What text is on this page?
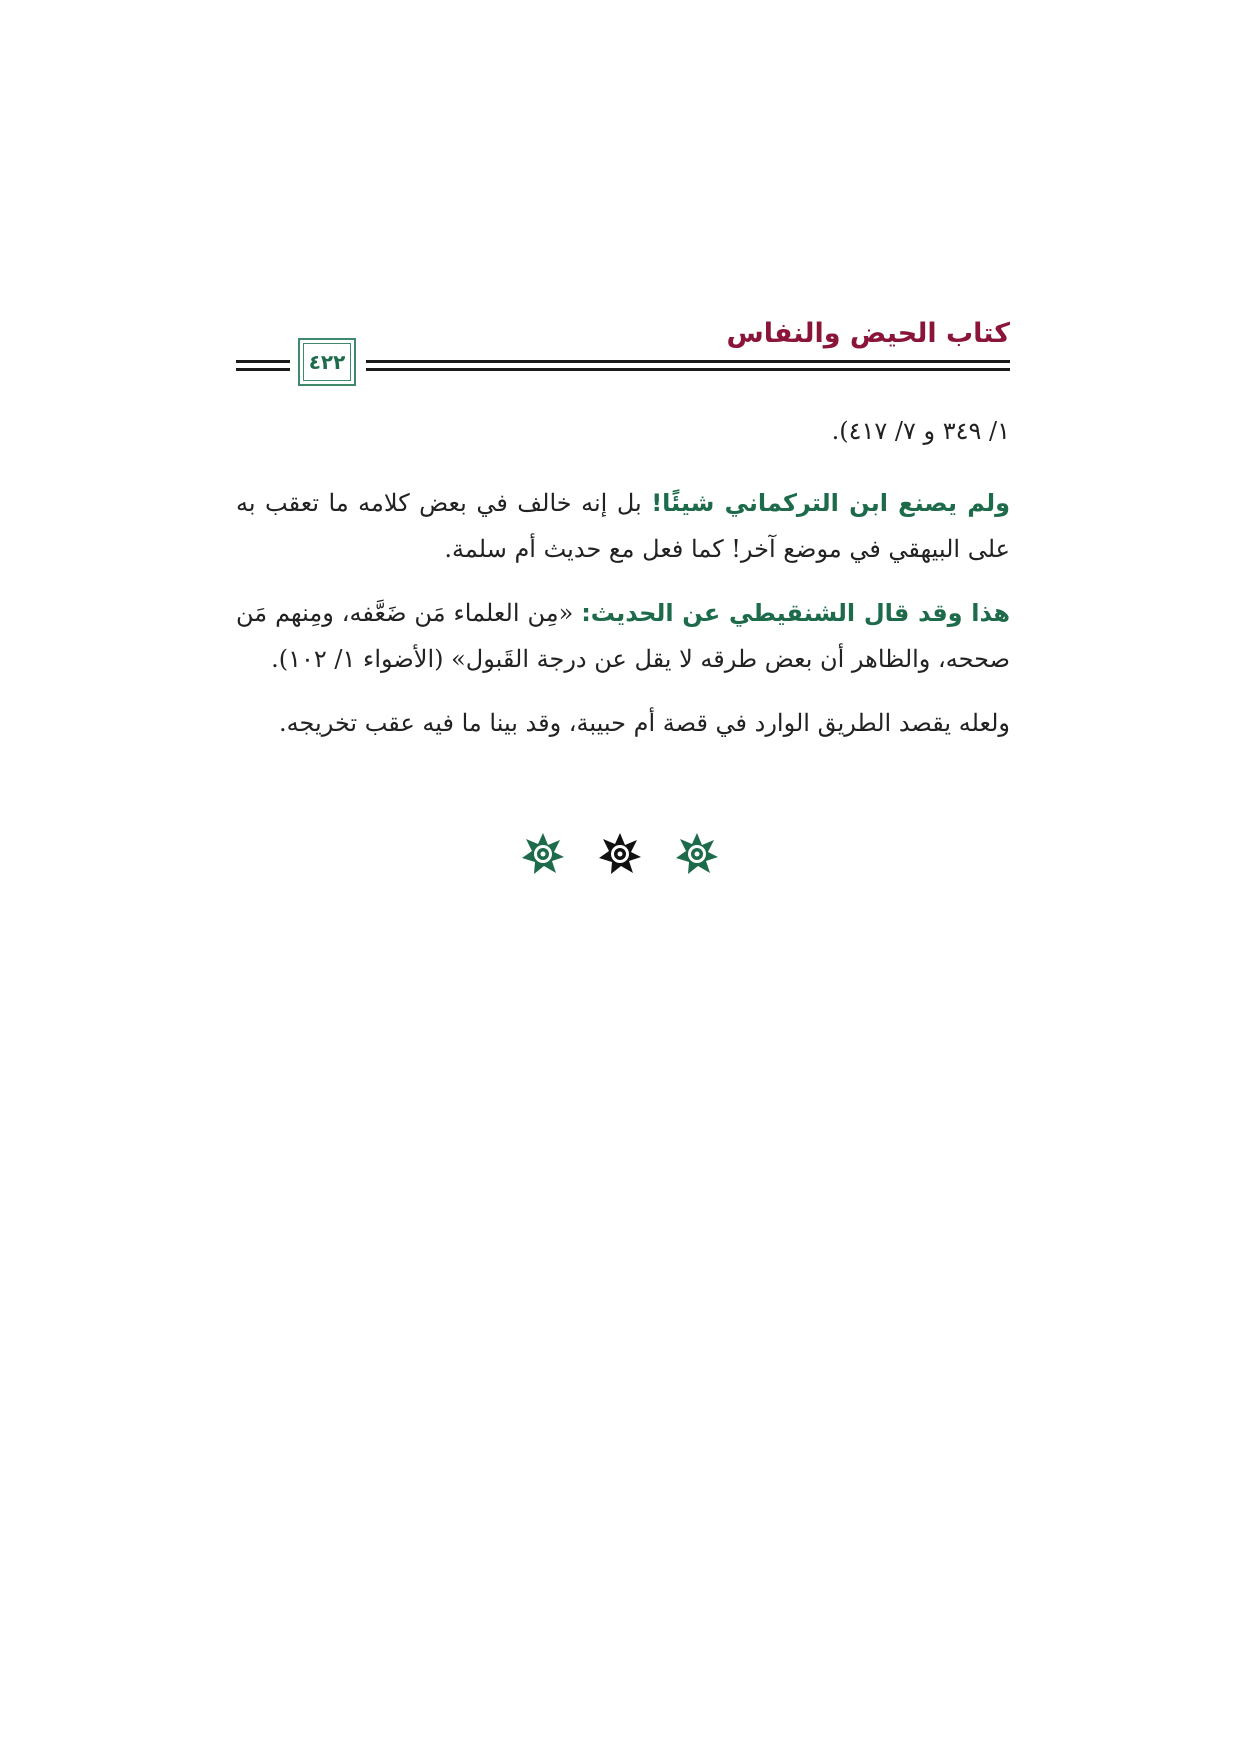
كتاب الحيض والنفاس
٤٢٢

١/ ٣٤٩ و ٧/ ٤١٧).

ولم يصنع ابن التركماني شيئًا! بل إنه خالف في بعض كلامه ما تعقب به على البيهقي في موضع آخر! كما فعل مع حديث أم سلمة.

هذا وقد قال الشنقيطي عن الحديث: «مِن العلماء مَن ضَعَّفه، ومِنهم مَن صححه، والظاهر أن بعض طرقه لا يقل عن درجة القَبول» (الأضواء ١/ ١٠٢).

ولعله يقصد الطريق الوارد في قصة أم حبيبة، وقد بينا ما فيه عقب تخريجه.
